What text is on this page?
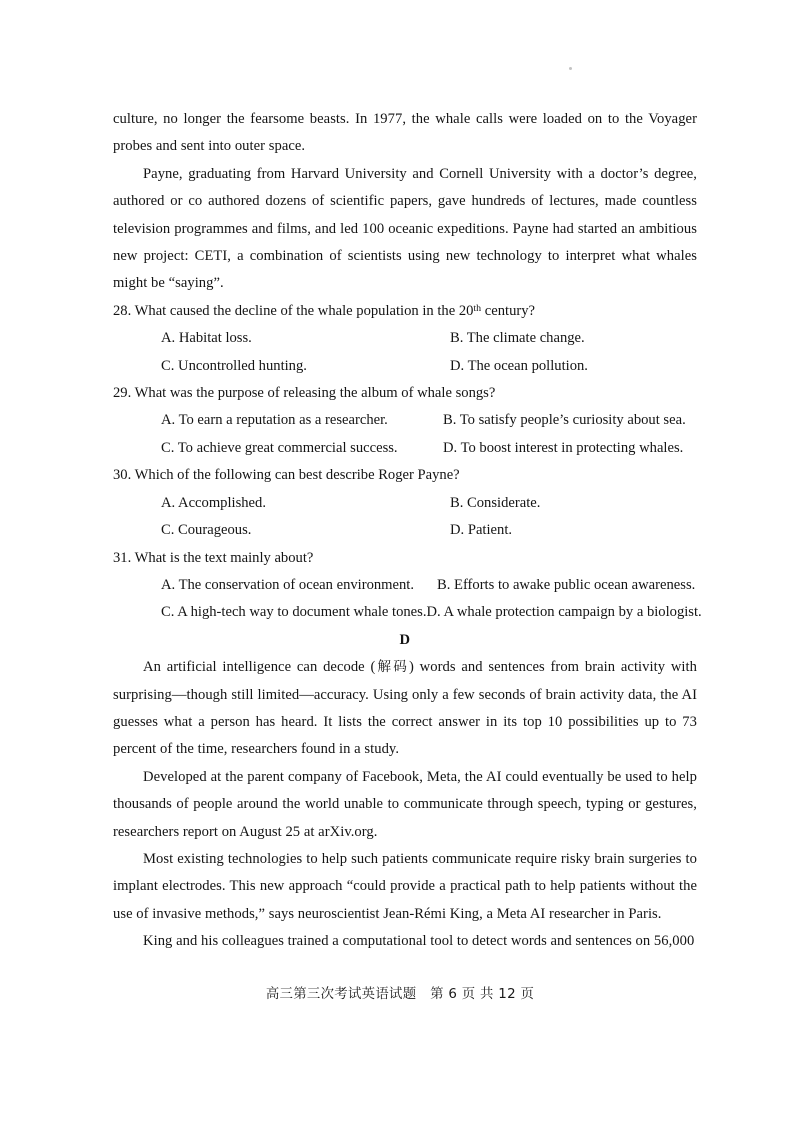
culture, no longer the fearsome beasts. In 1977, the whale calls were loaded on to the Voyager probes and sent into outer space.

Payne, graduating from Harvard University and Cornell University with a doctor’s degree, authored or co authored dozens of scientific papers, gave hundreds of lectures, made countless television programmes and films, and led 100 oceanic expeditions. Payne had started an ambitious new project: CETI, a combination of scientists using new technology to interpret what whales might be “saying”.

28. What caused the decline of the whale population in the 20th century?

A. Habitat loss.	B. The climate change.
C. Uncontrolled hunting.	D. The ocean pollution.

29. What was the purpose of releasing the album of whale songs?

A. To earn a reputation as a researcher.	B. To satisfy people’s curiosity about sea.
C. To achieve great commercial success.	D. To boost interest in protecting whales.

30. Which of the following can best describe Roger Payne?

A. Accomplished.	B. Considerate.
C. Courageous.	D. Patient.

31. What is the text mainly about?

A. The conservation of ocean environment.	B. Efforts to awake public ocean awareness.
C. A high-tech way to document whale tones. D. A whale protection campaign by a biologist.

D

An artificial intelligence can decode (解码) words and sentences from brain activity with surprising—though still limited—accuracy. Using only a few seconds of brain activity data, the AI guesses what a person has heard. It lists the correct answer in its top 10 possibilities up to 73 percent of the time, researchers found in a study.

Developed at the parent company of Facebook, Meta, the AI could eventually be used to help thousands of people around the world unable to communicate through speech, typing or gestures, researchers report on August 25 at arXiv.org.

Most existing technologies to help such patients communicate require risky brain surgeries to implant electrodes. This new approach “could provide a practical path to help patients without the use of invasive methods,” says neuroscientist Jean-Rémi King, a Meta AI researcher in Paris.

King and his colleagues trained a computational tool to detect words and sentences on 56,000

高三第三次考试英语试题　第 6 页 共 12 页
